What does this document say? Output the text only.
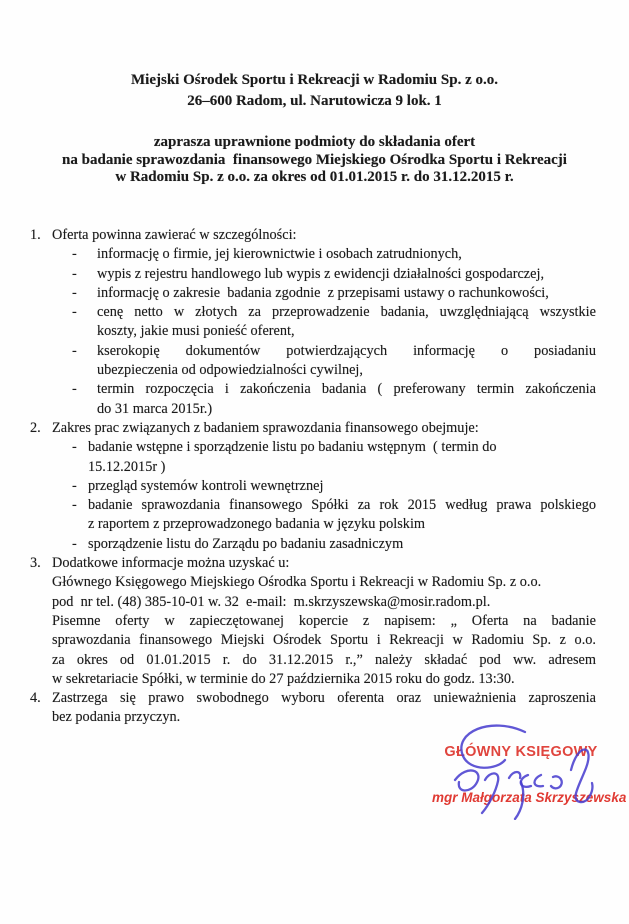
Miejski Ośrodek Sportu i Rekreacji w Radomiu Sp. z o.o.
26–600 Radom, ul. Narutowicza 9 lok. 1
zaprasza uprawnione podmioty do składania ofert
na badanie sprawozdania  finansowego Miejskiego Ośrodka Sportu i Rekreacji
w Radomiu Sp. z o.o. za okres od 01.01.2015 r. do 31.12.2015 r.
1. Oferta powinna zawierać w szczególności:
-	informację o firmie, jej kierownictwie i osobach zatrudnionych,
-	wypis z rejestru handlowego lub wypis z ewidencji działalności gospodarczej,
-	informację o zakresie  badania zgodnie  z przepisami ustawy o rachunkowości,
-	cenę netto w złotych za przeprowadzenie badania, uwzględniającą wszystkie
koszty, jakie musi ponieść oferent,
-	kserokopię dokumentów potwierdzających informację o posiadaniu
ubezpieczenia od odpowiedzialności cywilnej,
-	termin rozpoczęcia i zakończenia badania ( preferowany termin zakończenia
do 31 marca 2015r.)
2. Zakres prac związanych z badaniem sprawozdania finansowego obejmuje:
- badanie wstępne i sporządzenie listu po badaniu wstępnym  ( termin do
15.12.2015r )
- przegląd systemów kontroli wewnętrznej
- badanie sprawozdania finansowego Spółki za rok 2015 według prawa polskiego
z raportem z przeprowadzonego badania w języku polskim
- sporządzenie listu do Zarządu po badaniu zasadniczym
3. Dodatkowe informacje można uzyskać u:
Głównego Księgowego Miejskiego Ośrodka Sportu i Rekreacji w Radomiu Sp. z o.o.
pod  nr tel. (48) 385-10-01 w. 32  e-mail:  m.skrzyszewska@mosir.radom.pl.
Pisemne oferty w zapieczętowanej kopercie z napisem: „ Oferta na badanie
sprawozdania finansowego Miejski Ośrodek Sportu i Rekreacji w Radomiu Sp. z o.o.
za okres od 01.01.2015 r. do 31.12.2015 r.,” należy składać pod ww. adresem
w sekretariacie Spółki, w terminie do 27 października 2015 roku do godz. 13:30.
4. Zastrzega się prawo swobodnego wyboru oferenta oraz unieważnienia zaproszenia
bez podania przyczyn.
GŁÓWNY KSIĘGOWY
mgr Małgorzata Skrzyszewska
